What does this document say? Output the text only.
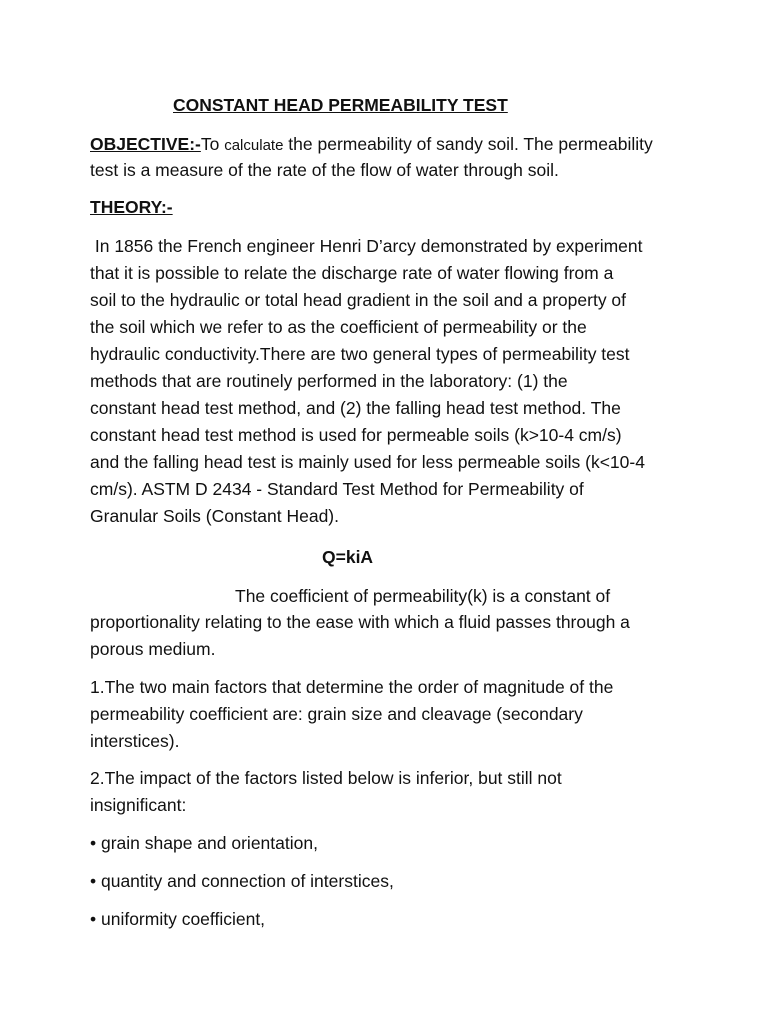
CONSTANT HEAD PERMEABILITY TEST
OBJECTIVE:-To calculate the permeability of sandy soil. The permeability
test is a measure of the rate of the flow of water through soil.
THEORY:-
In 1856 the French engineer Henri D’arcy demonstrated by experiment
that it is possible to relate the discharge rate of water flowing from a
soil to the hydraulic or total head gradient in the soil and a property of
the soil which we refer to as the coefficient of permeability or the
hydraulic conductivity.There are two general types of permeability test
methods that are routinely performed in the laboratory: (1) the
constant head test method, and (2) the falling head test method. The
constant head test method is used for permeable soils (k>10-4 cm/s)
and the falling head test is mainly used for less permeable soils (k<10-4
cm/s). ASTM D 2434 - Standard Test Method for Permeability of
Granular Soils (Constant Head).
Q=kiA
The coefficient of permeability(k) is a constant of
proportionality relating to the ease with which a fluid passes through a
porous medium.
1.The two main factors that determine the order of magnitude of the
permeability coefficient are: grain size and cleavage (secondary
interstices).
2.The impact of the factors listed below is inferior, but still not
insignificant:
• grain shape and orientation,
• quantity and connection of interstices,
• uniformity coefficient,
